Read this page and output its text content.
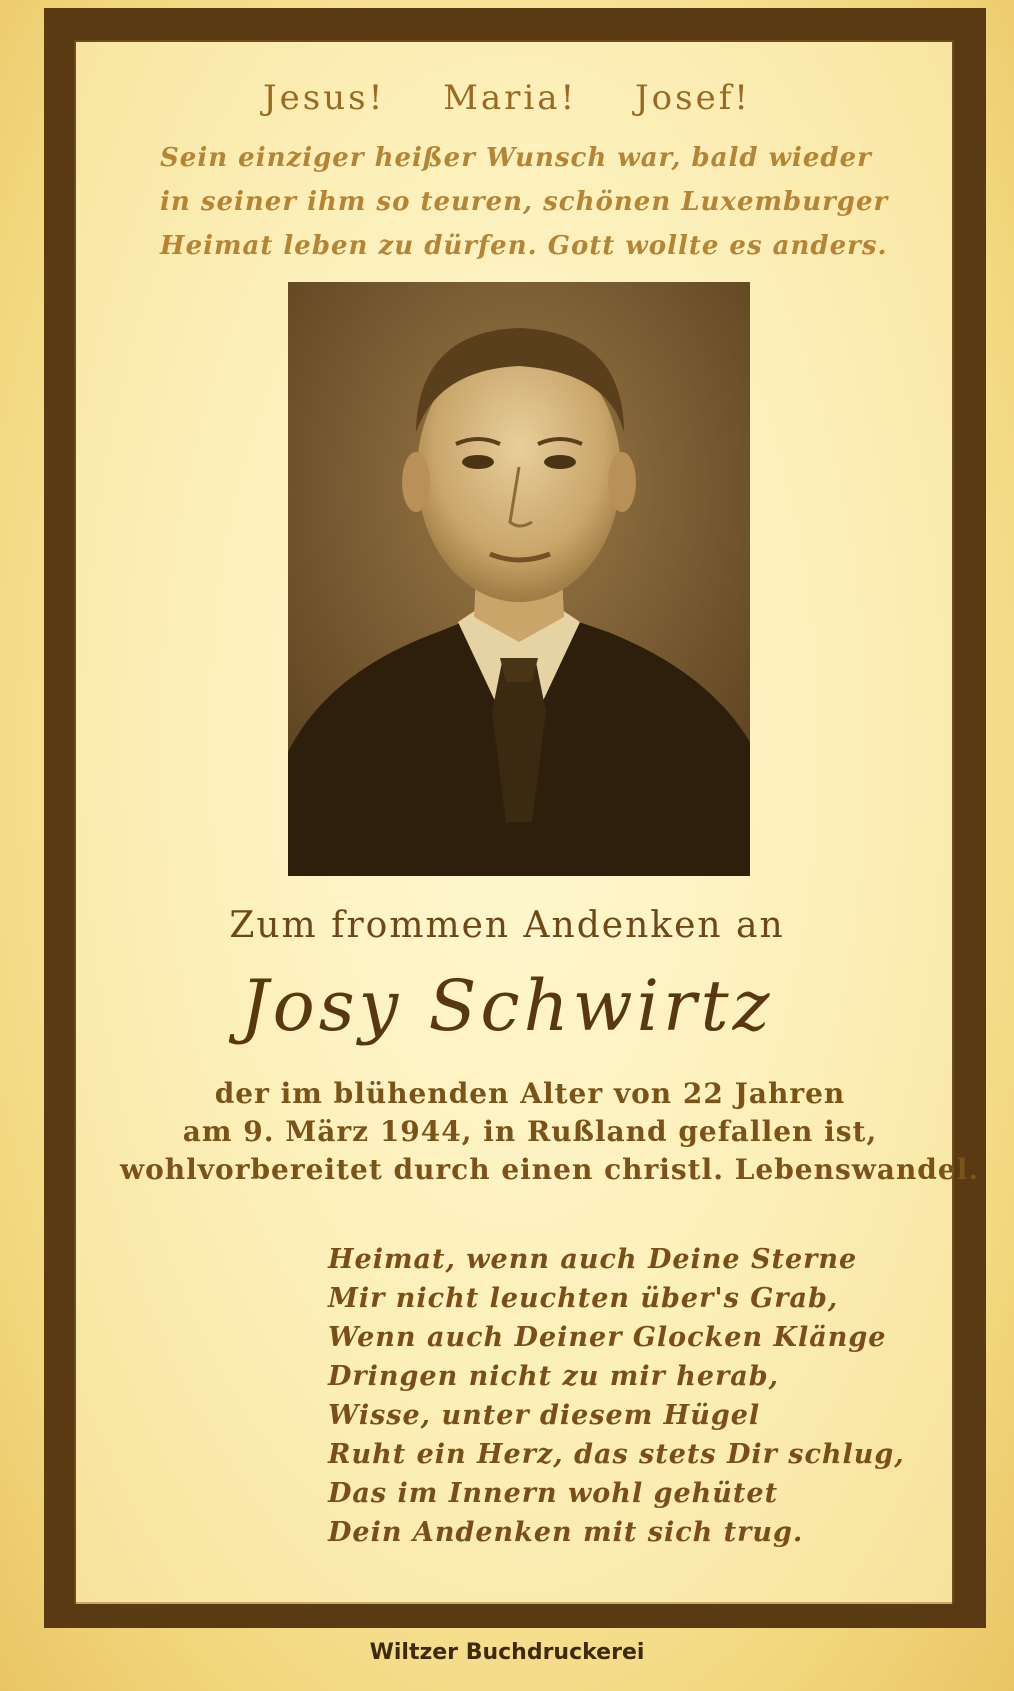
Jesus! Maria! Josef!
Sein einziger heißer Wunsch war, bald wieder
in seiner ihm so teuren, schönen Luxemburger
Heimat leben zu dürfen. Gott wollte es anders.
Zum frommen Andenken an
Josy Schwirtz
der im blühenden Alter von 22 Jahren
am 9. März 1944, in Rußland gefallen ist,
wohlvorbereitet durch einen christl. Lebenswandel.
Heimat, wenn auch Deine Sterne
Mir nicht leuchten über's Grab,
Wenn auch Deiner Glocken Klänge
Dringen nicht zu mir herab,
Wisse, unter diesem Hügel
Ruht ein Herz, das stets Dir schlug,
Das im Innern wohl gehütet
Dein Andenken mit sich trug.
Wiltzer Buchdruckerei
